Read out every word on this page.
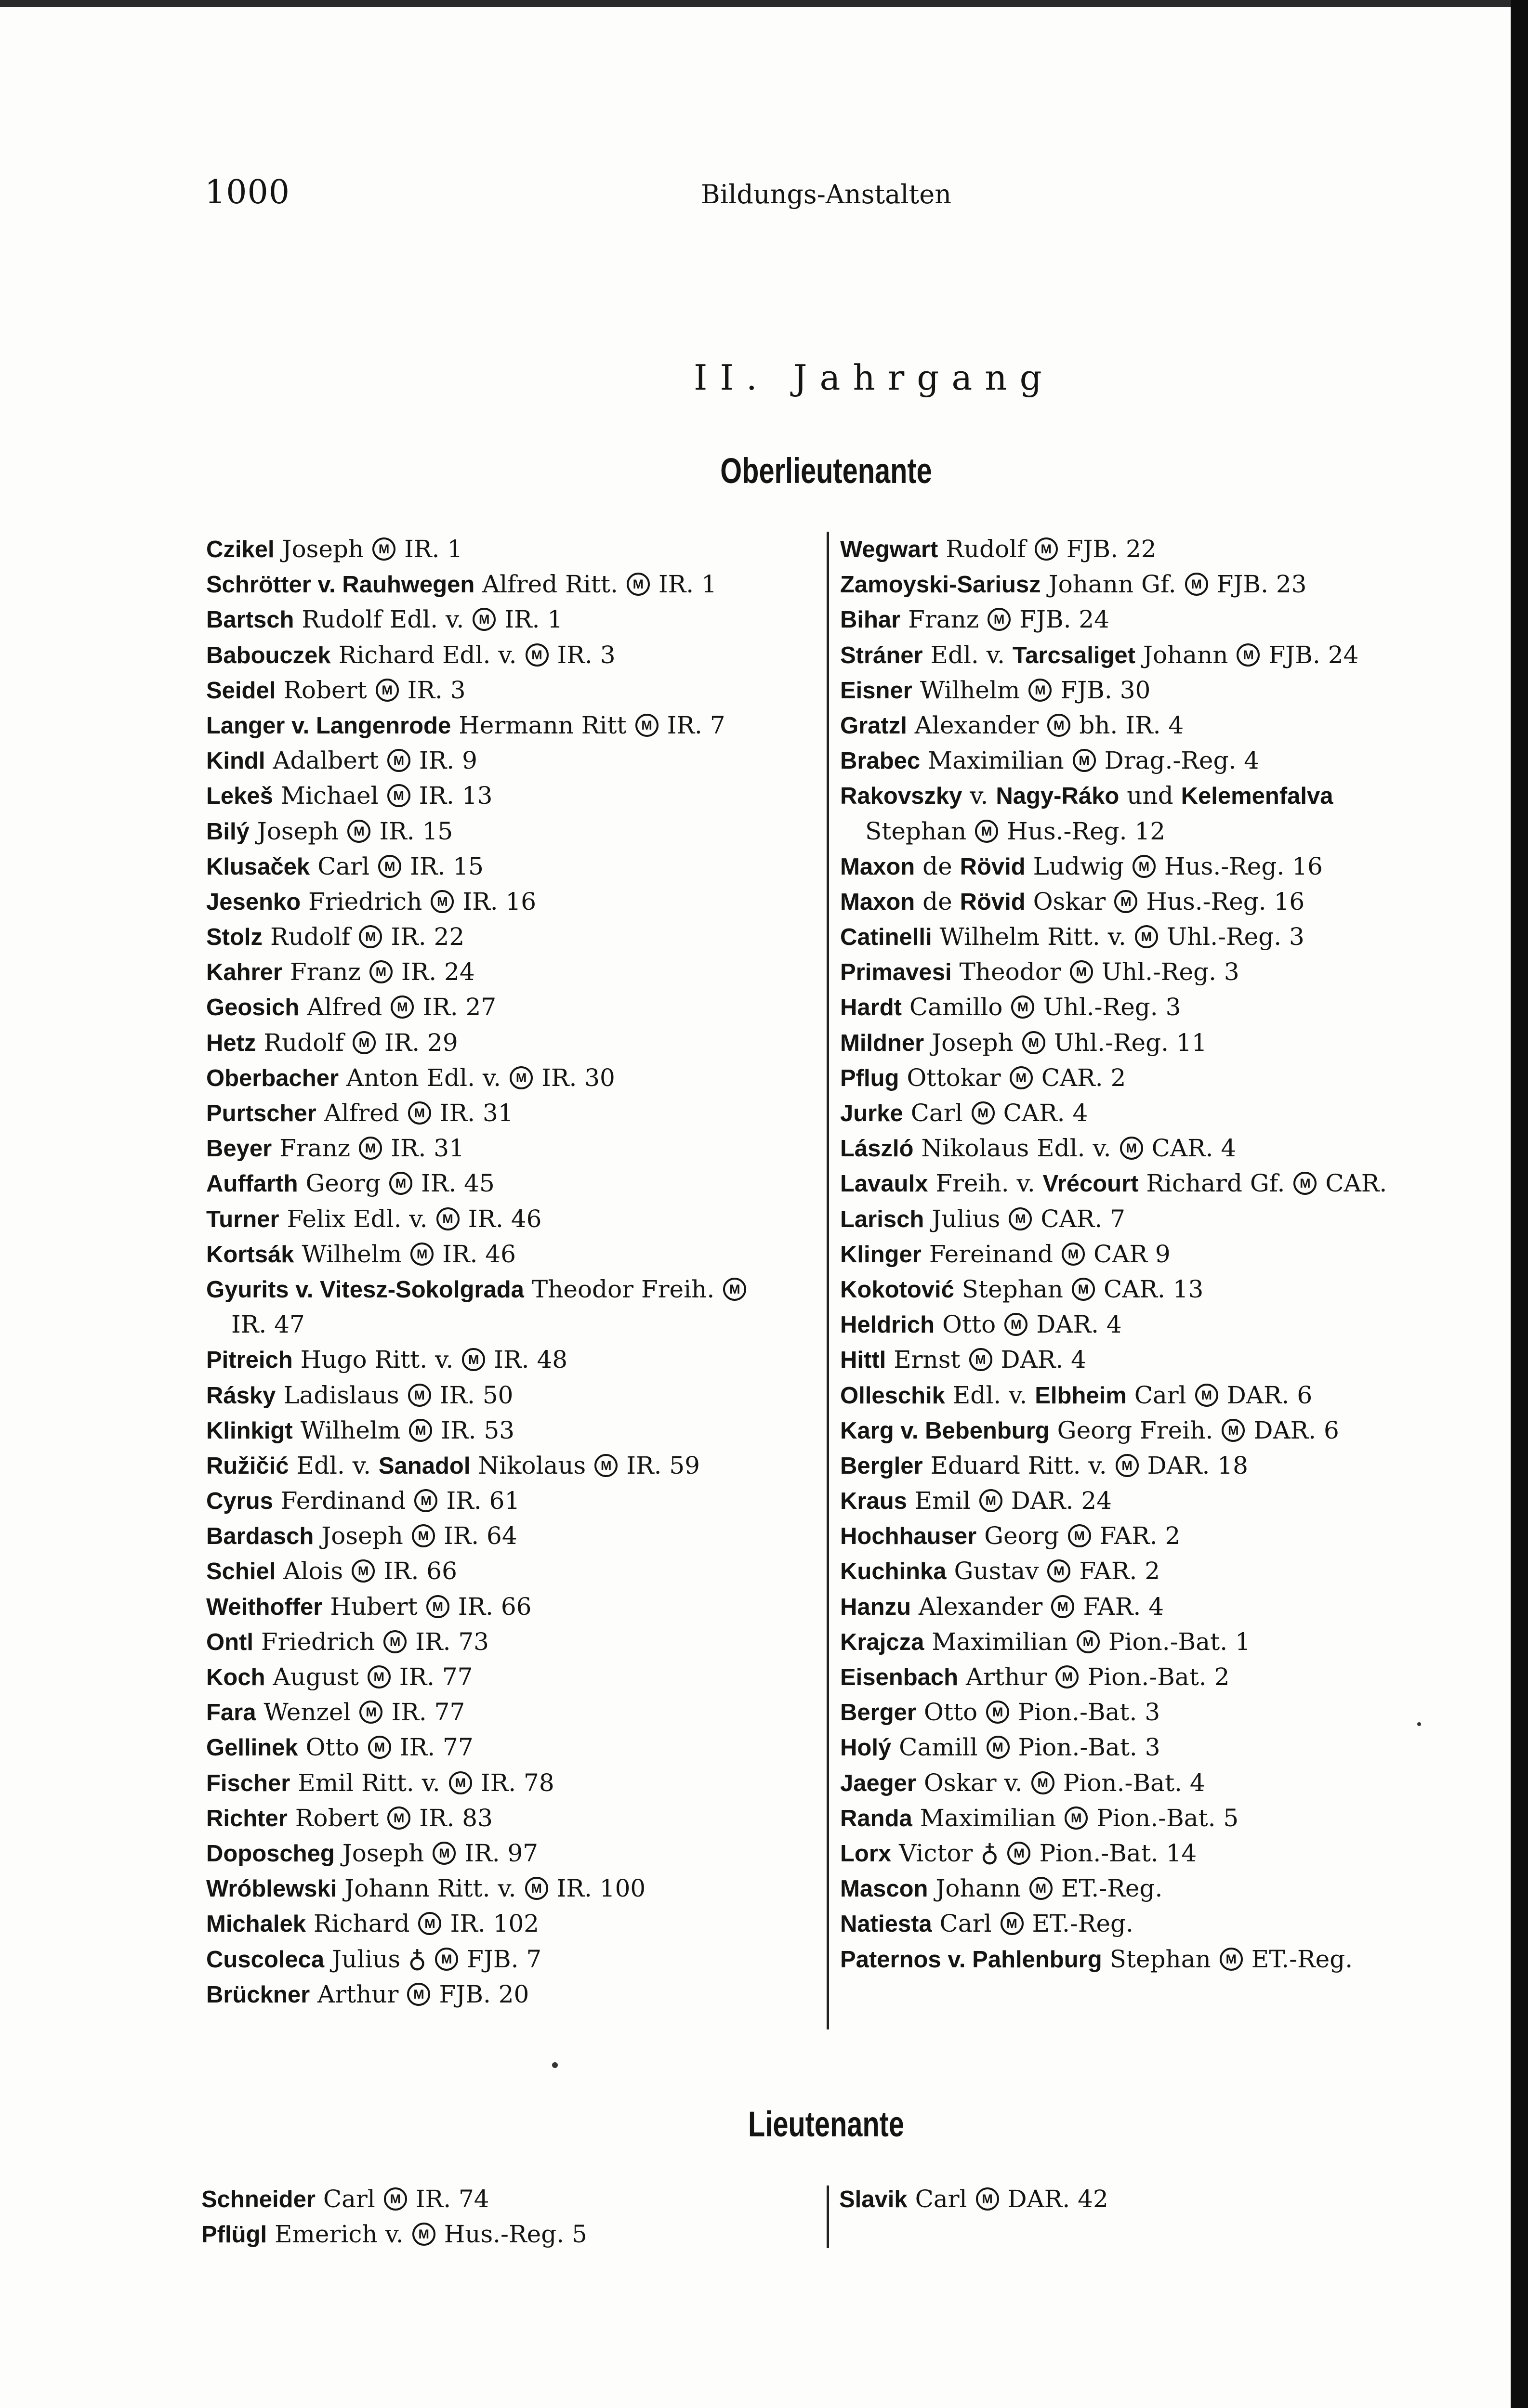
1000	Bildungs-Anstalten
II. Jahrgang
Oberlieutenante
Czikel Joseph M IR. 1
Schrötter v. Rauhwegen Alfred Ritt. M IR. 1
Bartsch Rudolf Edl. v. M IR. 1
Babouczek Richard Edl. v. M IR. 3
Seidel Robert M IR. 3
Langer v. Langenrode Hermann Ritt M IR. 7
Kindl Adalbert M IR. 9
Lekeš Michael M IR. 13
Bilý Joseph M IR. 15
Klusaček Carl M IR. 15
Jesenko Friedrich M IR. 16
Stolz Rudolf M IR. 22
Kahrer Franz M IR. 24
Geosich Alfred M IR. 27
Hetz Rudolf M IR. 29
Oberbacher Anton Edl. v. M IR. 30
Purtscher Alfred M IR. 31
Beyer Franz M IR. 31
Auffarth Georg M IR. 45
Turner Felix Edl. v. M IR. 46
Kortsák Wilhelm M IR. 46
Gyurits v. Vitesz-Sokolgrada Theodor Freih. M
IR. 47
Pitreich Hugo Ritt. v. M IR. 48
Rásky Ladislaus M IR. 50
Klinkigt Wilhelm M IR. 53
Ružičić Edl. v. Sanadol Nikolaus M IR. 59
Cyrus Ferdinand M IR. 61
Bardasch Joseph M IR. 64
Schiel Alois M IR. 66
Weithoffer Hubert M IR. 66
Ontl Friedrich M IR. 73
Koch August M IR. 77
Fara Wenzel M IR. 77
Gellinek Otto M IR. 77
Fischer Emil Ritt. v. M IR. 78
Richter Robert M IR. 83
Doposcheg Joseph M IR. 97
Wróblewski Johann Ritt. v. M IR. 100
Michalek Richard M IR. 102
Cuscoleca Julius ♁ M FJB. 7
Brückner Arthur M FJB. 20
Wegwart Rudolf M FJB. 22
Zamoyski-Sariusz Johann Gf. M FJB. 23
Bihar Franz M FJB. 24
Stráner Edl. v. Tarcsaliget Johann M FJB. 24
Eisner Wilhelm M FJB. 30
Gratzl Alexander M bh. IR. 4
Brabec Maximilian M Drag.-Reg. 4
Rakovszky v. Nagy-Ráko und Kelemenfalva
Stephan M Hus.-Reg. 12
Maxon de Rövid Ludwig M Hus.-Reg. 16
Maxon de Rövid Oskar M Hus.-Reg. 16
Catinelli Wilhelm Ritt. v. M Uhl.-Reg. 3
Primavesi Theodor M Uhl.-Reg. 3
Hardt Camillo M Uhl.-Reg. 3
Mildner Joseph M Uhl.-Reg. 11
Pflug Ottokar M CAR. 2
Jurke Carl M CAR. 4
László Nikolaus Edl. v. M CAR. 4
Lavaulx Freih. v. Vrécourt Richard Gf. M CAR.
Larisch Julius M CAR. 7
Klinger Fereinand M CAR 9
Kokotović Stephan M CAR. 13
Heldrich Otto M DAR. 4
Hittl Ernst M DAR. 4
Olleschik Edl. v. Elbheim Carl M DAR. 6
Karg v. Bebenburg Georg Freih. M DAR. 6
Bergler Eduard Ritt. v. M DAR. 18
Kraus Emil M DAR. 24
Hochhauser Georg M FAR. 2
Kuchinka Gustav M FAR. 2
Hanzu Alexander M FAR. 4
Krajcza Maximilian M Pion.-Bat. 1
Eisenbach Arthur M Pion.-Bat. 2
Berger Otto M Pion.-Bat. 3
Holý Camill M Pion.-Bat. 3
Jaeger Oskar v. M Pion.-Bat. 4
Randa Maximilian M Pion.-Bat. 5
Lorx Victor ♁ M Pion.-Bat. 14
Mascon Johann M ET.-Reg.
Natiesta Carl M ET.-Reg.
Paternos v. Pahlenburg Stephan M ET.-Reg.
Lieutenante
Schneider Carl M IR. 74
Pflügl Emerich v. M Hus.-Reg. 5
Slavik Carl M DAR. 42
